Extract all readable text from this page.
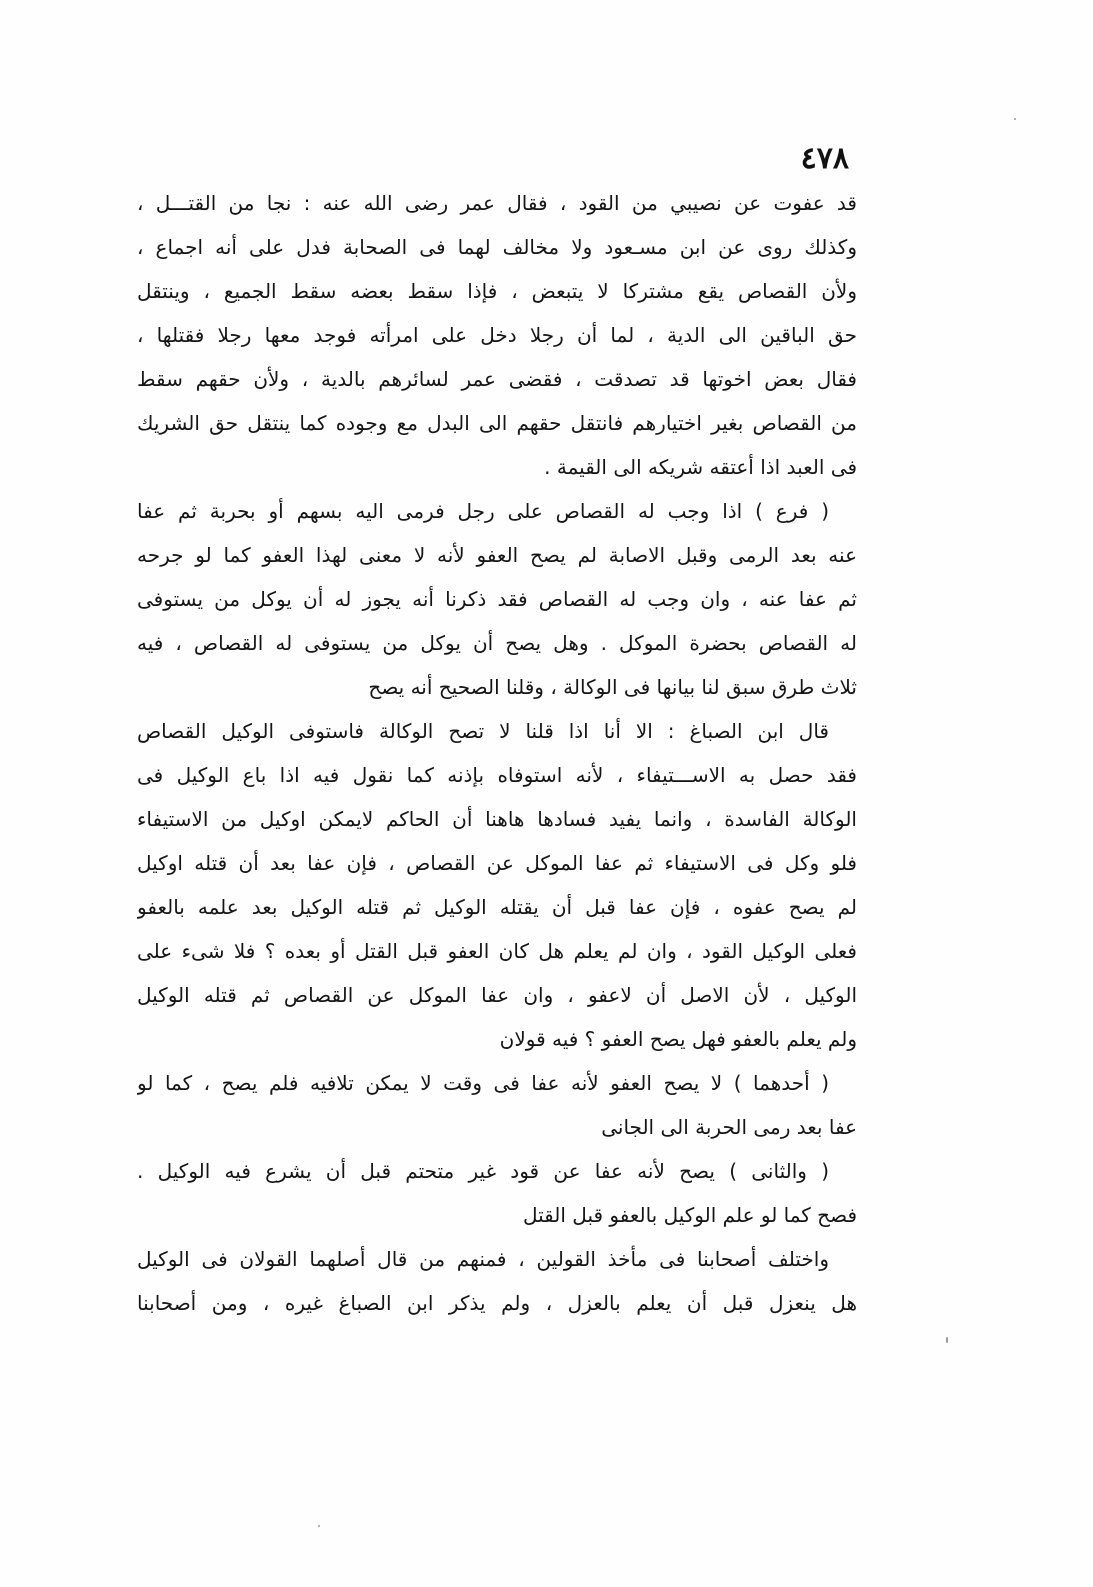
٤٧٨
قد عفوت عن نصيبي من القود ، فقال عمر رضى الله عنه : نجا من القتـــل ،
وكذلك روى عن ابن مسـعود ولا مخالف لهما فى الصحابة فدل على أنه اجماع ،
ولأن القصاص يقع مشتركا لا يتبعض ، فإذا سقط بعضه سقط الجميع ، وينتقل
حق الباقين الى الدية ، لما أن رجلا دخل على امرأته فوجد معها رجلا فقتلها ،
فقال بعض اخوتها قد تصدقت ، فقضى عمر لسائرهم بالدية ، ولأن حقهم سقط
من القصاص بغير اختيارهم فانتقل حقهم الى البدل مع وجوده كما ينتقل حق الشريك
فى العبد اذا أعتقه شريكه الى القيمة .
( فرع ) اذا وجب له القصاص على رجل فرمى اليه بسهم أو بحربة ثم عفا
عنه بعد الرمى وقبل الاصابة لم يصح العفو لأنه لا معنى لهذا العفو كما لو جرحه
ثم عفا عنه ، وان وجب له القصاص فقد ذكرنا أنه يجوز له أن يوكل من يستوفى
له القصاص بحضرة الموكل . وهل يصح أن يوكل من يستوفى له القصاص ، فيه
ثلاث طرق سبق لنا بيانها فى الوكالة ، وقلنا الصحيح أنه يصح
قال ابن الصباغ : الا أنا اذا قلنا لا تصح الوكالة فاستوفى الوكيل القصاص
فقد حصل به الاســـتيفاء ، لأنه استوفاه بإذنه كما نقول فيه اذا باع الوكيل فى
الوكالة الفاسدة ، وانما يفيد فسادها هاهنا أن الحاكم لايمكن اوكيل من الاستيفاء
فلو وكل فى الاستيفاء ثم عفا الموكل عن القصاص ، فإن عفا بعد أن قتله اوكيل
لم يصح عفوه ، فإن عفا قبل أن يقتله الوكيل ثم قتله الوكيل بعد علمه بالعفو
فعلى الوكيل القود ، وان لم يعلم هل كان العفو قبل القتل أو بعده ؟ فلا شىء على
الوكيل ، لأن الاصل أن لاعفو ، وان عفا الموكل عن القصاص ثم قتله الوكيل
ولم يعلم بالعفو فهل يصح العفو ؟ فيه قولان
( أحدهما ) لا يصح العفو لأنه عفا فى وقت لا يمكن تلافيه فلم يصح ، كما لو
عفا بعد رمى الحربة الى الجانى
( والثانى ) يصح لأنه عفا عن قود غير متحتم قبل أن يشرع فيه الوكيل .
فصح كما لو علم الوكيل بالعفو قبل القتل
واختلف أصحابنا فى مأخذ القولين ، فمنهم من قال أصلهما القولان فى الوكيل
هل ينعزل قبل أن يعلم بالعزل ، ولم يذكر ابن الصباغ غيره ، ومن أصحابنا
